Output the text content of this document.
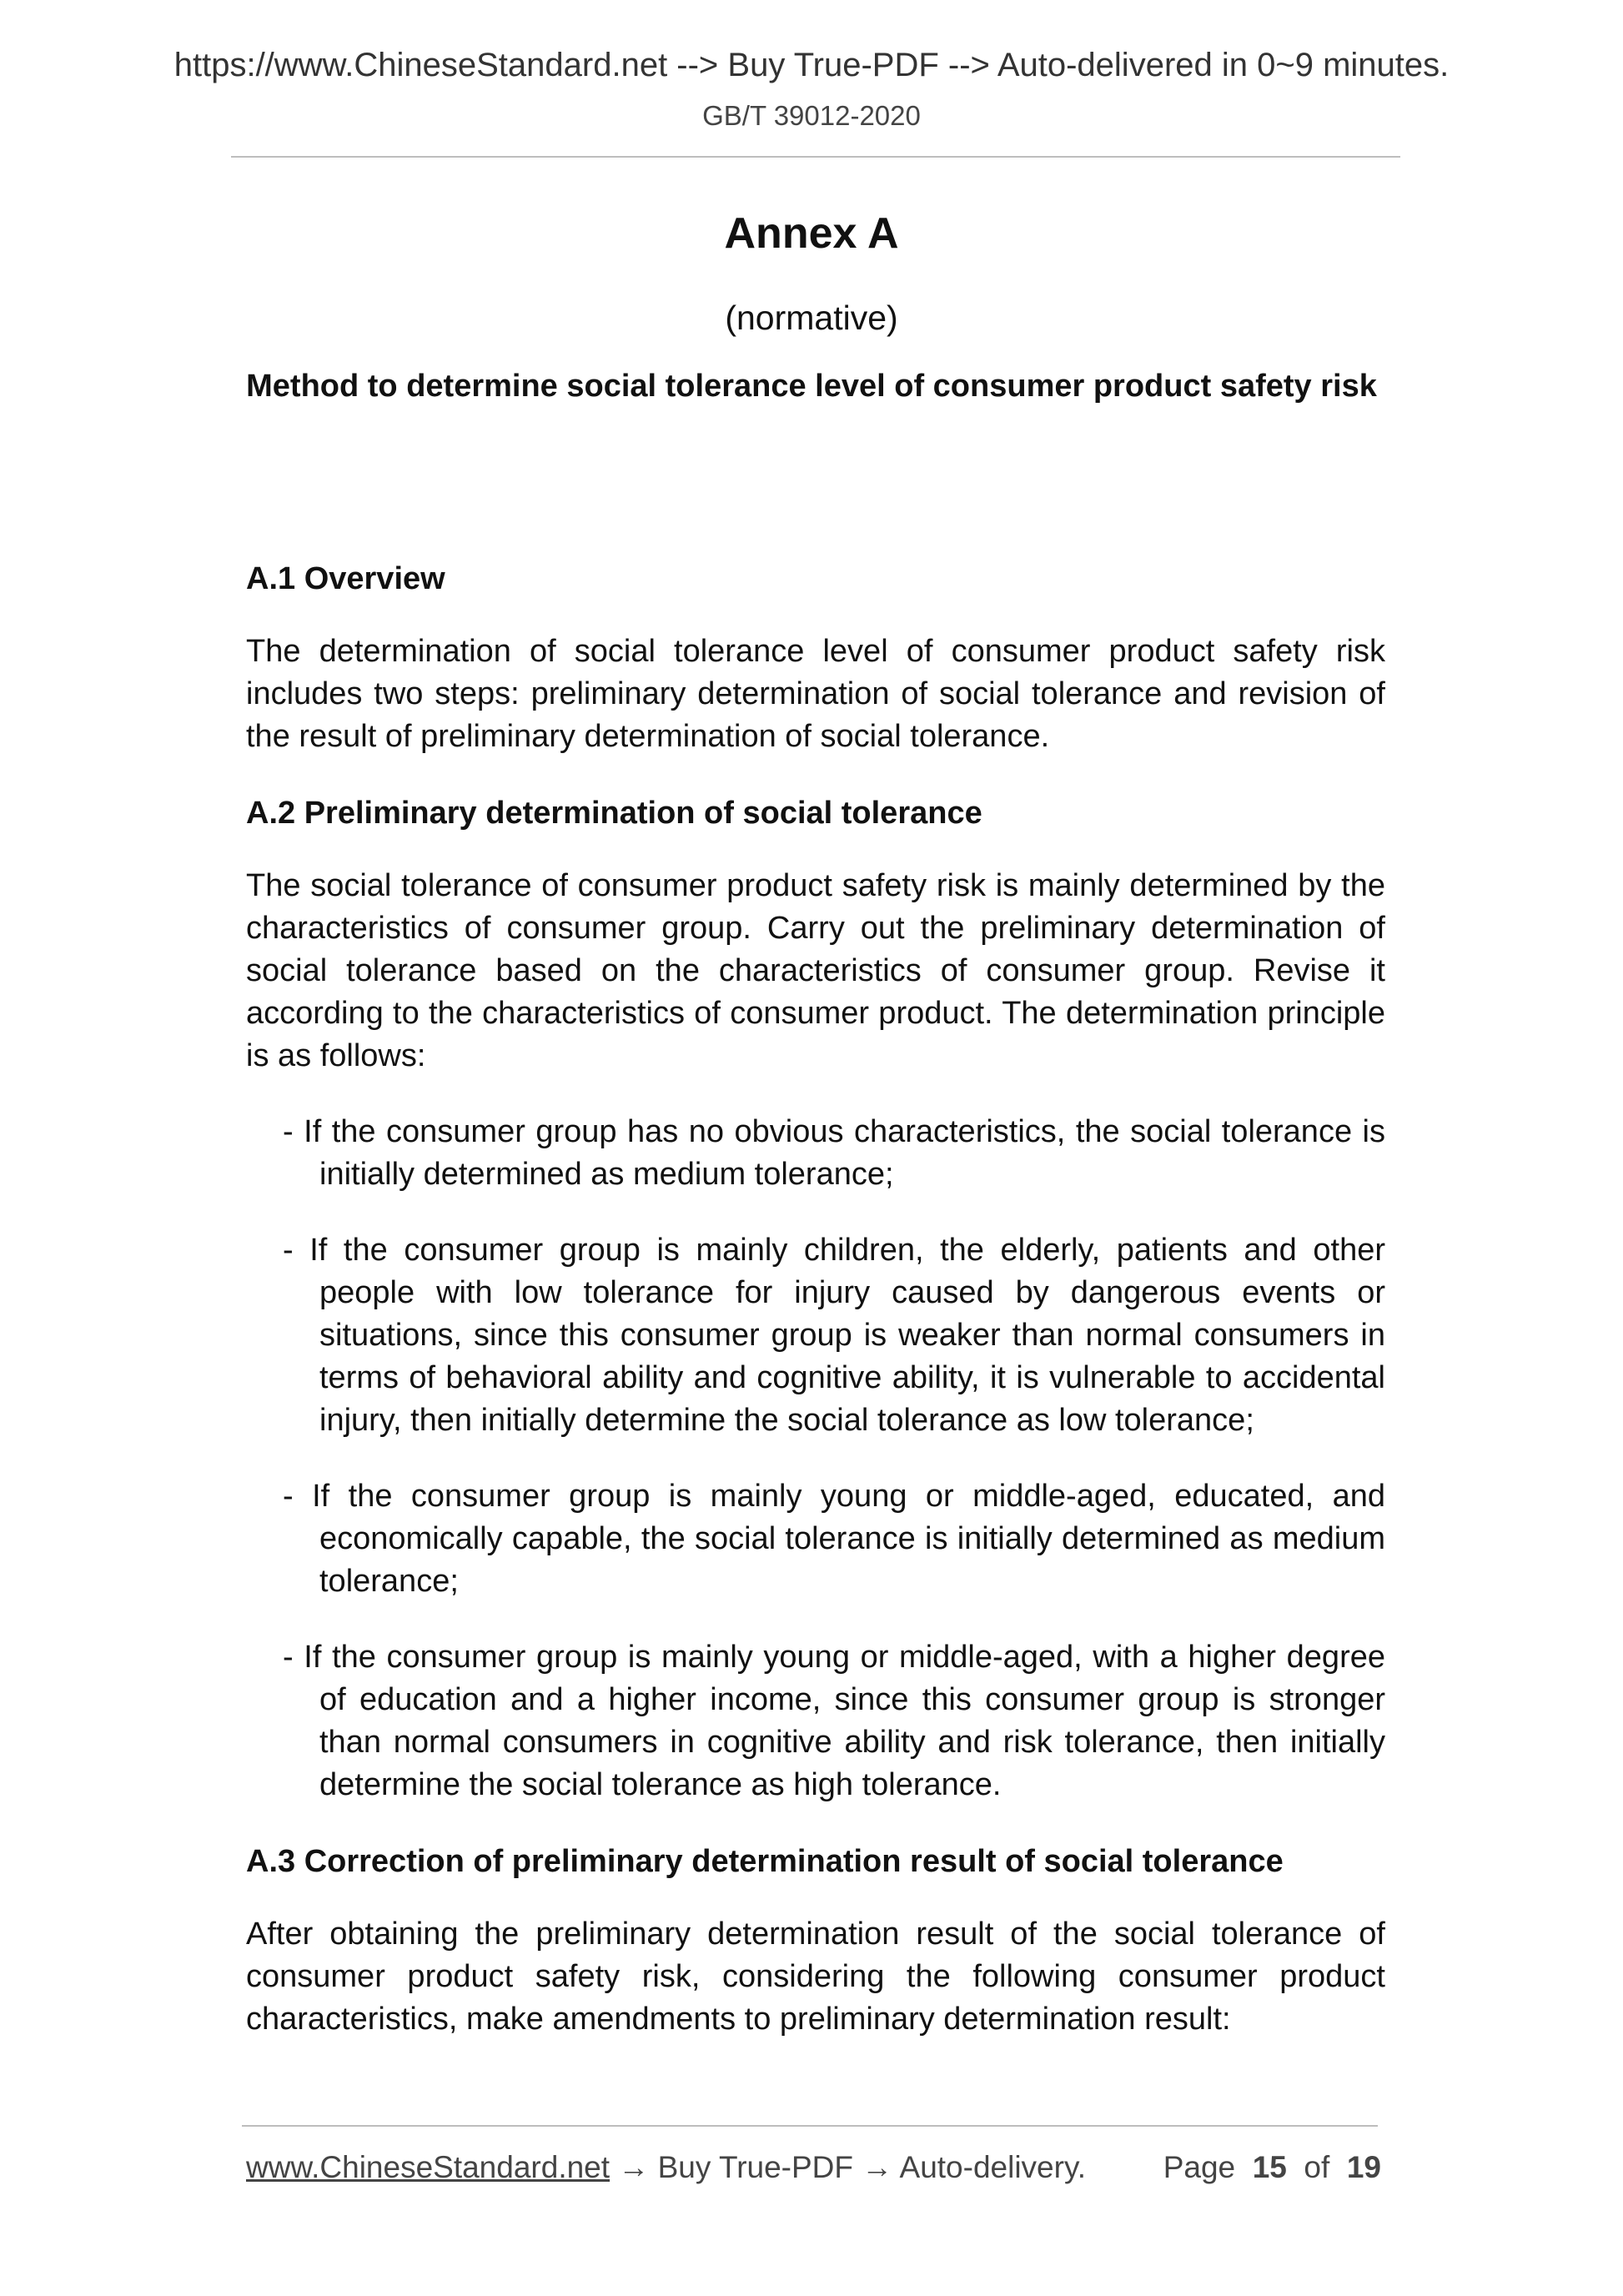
https://www.ChineseStandard.net --> Buy True-PDF --> Auto-delivered in 0~9 minutes.
GB/T 39012-2020
Annex A
(normative)
Method to determine social tolerance level of consumer product safety risk

A.1 Overview

The determination of social tolerance level of consumer product safety risk includes two steps: preliminary determination of social tolerance and revision of the result of preliminary determination of social tolerance.

A.2 Preliminary determination of social tolerance

The social tolerance of consumer product safety risk is mainly determined by the characteristics of consumer group. Carry out the preliminary determination of social tolerance based on the characteristics of consumer group. Revise it according to the characteristics of consumer product. The determination principle is as follows:

- If the consumer group has no obvious characteristics, the social tolerance is initially determined as medium tolerance;

- If the consumer group is mainly children, the elderly, patients and other people with low tolerance for injury caused by dangerous events or situations, since this consumer group is weaker than normal consumers in terms of behavioral ability and cognitive ability, it is vulnerable to accidental injury, then initially determine the social tolerance as low tolerance;

- If the consumer group is mainly young or middle-aged, educated, and economically capable, the social tolerance is initially determined as medium tolerance;

- If the consumer group is mainly young or middle-aged, with a higher degree of education and a higher income, since this consumer group is stronger than normal consumers in cognitive ability and risk tolerance, then initially determine the social tolerance as high tolerance.

A.3 Correction of preliminary determination result of social tolerance

After obtaining the preliminary determination result of the social tolerance of consumer product safety risk, considering the following consumer product characteristics, make amendments to preliminary determination result:

www.ChineseStandard.net → Buy True-PDF → Auto-delivery.	Page 15 of 19
